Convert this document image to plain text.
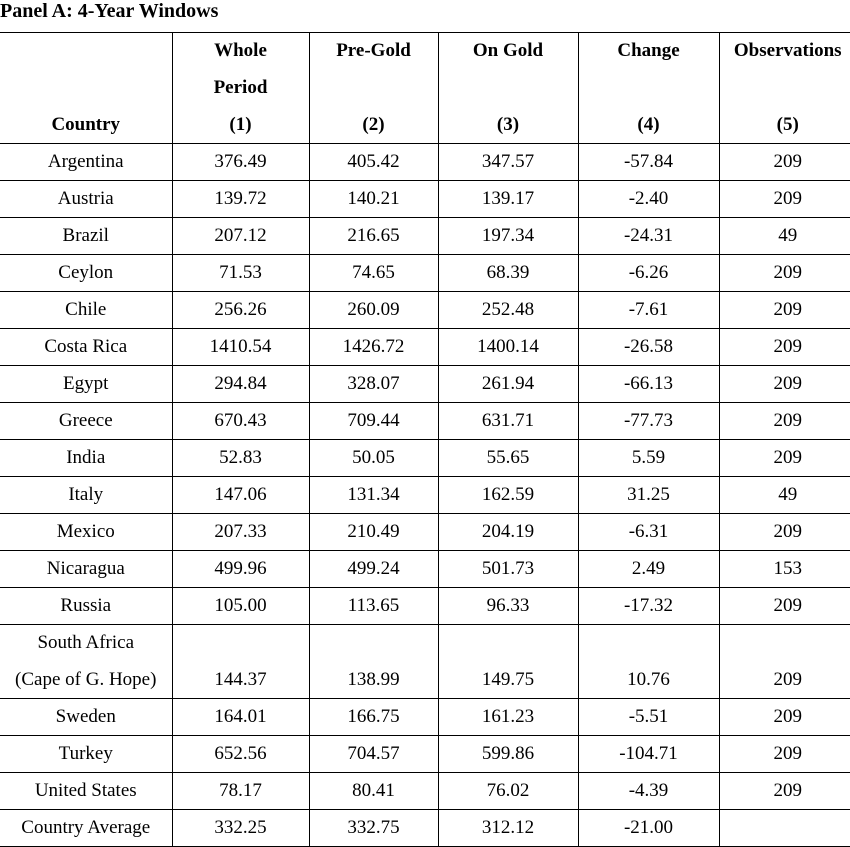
Panel A: 4-Year Windows
	Whole	Pre-Gold	On Gold	Change	Observations
	Period				
Country	(1)	(2)	(3)	(4)	(5)
Argentina	376.49	405.42	347.57	-57.84	209
Austria	139.72	140.21	139.17	-2.40	209
Brazil	207.12	216.65	197.34	-24.31	49
Ceylon	71.53	74.65	68.39	-6.26	209
Chile	256.26	260.09	252.48	-7.61	209
Costa Rica	1410.54	1426.72	1400.14	-26.58	209
Egypt	294.84	328.07	261.94	-66.13	209
Greece	670.43	709.44	631.71	-77.73	209
India	52.83	50.05	55.65	5.59	209
Italy	147.06	131.34	162.59	31.25	49
Mexico	207.33	210.49	204.19	-6.31	209
Nicaragua	499.96	499.24	501.73	2.49	153
Russia	105.00	113.65	96.33	-17.32	209
South Africa					
(Cape of G. Hope)	144.37	138.99	149.75	10.76	209
Sweden	164.01	166.75	161.23	-5.51	209
Turkey	652.56	704.57	599.86	-104.71	209
United States	78.17	80.41	76.02	-4.39	209
Country Average	332.25	332.75	312.12	-21.00	
